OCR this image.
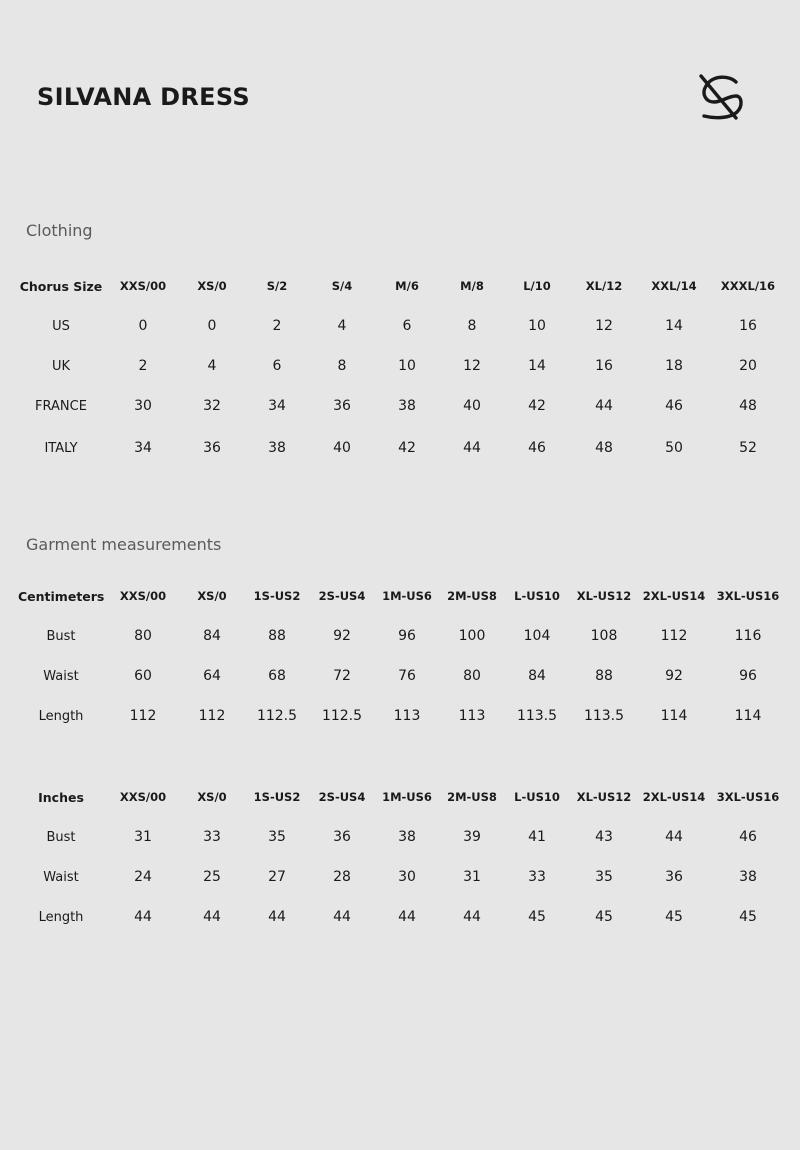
SILVANA DRESS
Clothing
Chorus Size	XXS/00	XS/0	S/2	S/4	M/6	M/8	L/10	XL/12	XXL/14	XXXL/16
US	0	0	2	4	6	8	10	12	14	16
UK	2	4	6	8	10	12	14	16	18	20
FRANCE	30	32	34	36	38	40	42	44	46	48
ITALY	34	36	38	40	42	44	46	48	50	52
Garment measurements
Centimeters	XXS/00	XS/0	1S-US2	2S-US4	1M-US6	2M-US8	L-US10	XL-US12	2XL-US14	3XL-US16
Bust	80	84	88	92	96	100	104	108	112	116
Waist	60	64	68	72	76	80	84	88	92	96
Length	112	112	112.5	112.5	113	113	113.5	113.5	114	114
Inches	XXS/00	XS/0	1S-US2	2S-US4	1M-US6	2M-US8	L-US10	XL-US12	2XL-US14	3XL-US16
Bust	31	33	35	36	38	39	41	43	44	46
Waist	24	25	27	28	30	31	33	35	36	38
Length	44	44	44	44	44	44	45	45	45	45
